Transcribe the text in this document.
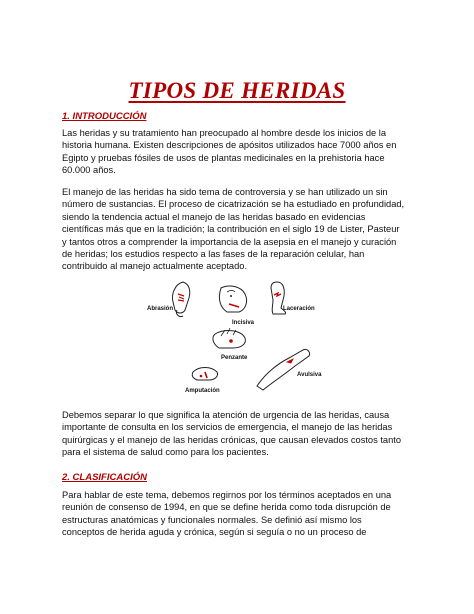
TIPOS DE HERIDAS
1. INTRODUCCIÓN
Las heridas y su tratamiento han preocupado al hombre desde los inicios de la
historia humana. Existen descripciones de apósitos utilizados hace 7000 años en
Egipto y pruebas fósiles de usos de plantas medicinales en la prehistoria hace
60.000 años.
El manejo de las heridas ha sido tema de controversia y se han utilizado un sin
número de sustancias. El proceso de cicatrización se ha estudiado en profundidad,
siendo la tendencia actual el manejo de las heridas basado en evidencias
científicas más que en la tradición; la contribución en el siglo 19 de Lister, Pasteur
y tantos otros a comprender la importancia de la asepsia en el manejo y curación
de heridas; los estudios respecto a las fases de la reparación celular, han
contribuido al manejo actualmente aceptado.
Abrasión
Incisiva
Laceración
Penzante
Avulsiva
Amputación
Debemos separar lo que significa la atención de urgencia de las heridas, causa
importante de consulta en los servicios de emergencia, el manejo de las heridas
quirúrgicas y el manejo de las heridas crónicas, que causan elevados costos tanto
para el sistema de salud como para los pacientes.
2. CLASIFICACIÓN
Para hablar de este tema, debemos regirnos por los términos aceptados en una
reunión de consenso de 1994, en que se define herida como toda disrupción de
estructuras anatómicas y funcionales normales. Se definió así mismo los
conceptos de herida aguda y crónica, según si seguía o no un proceso de
